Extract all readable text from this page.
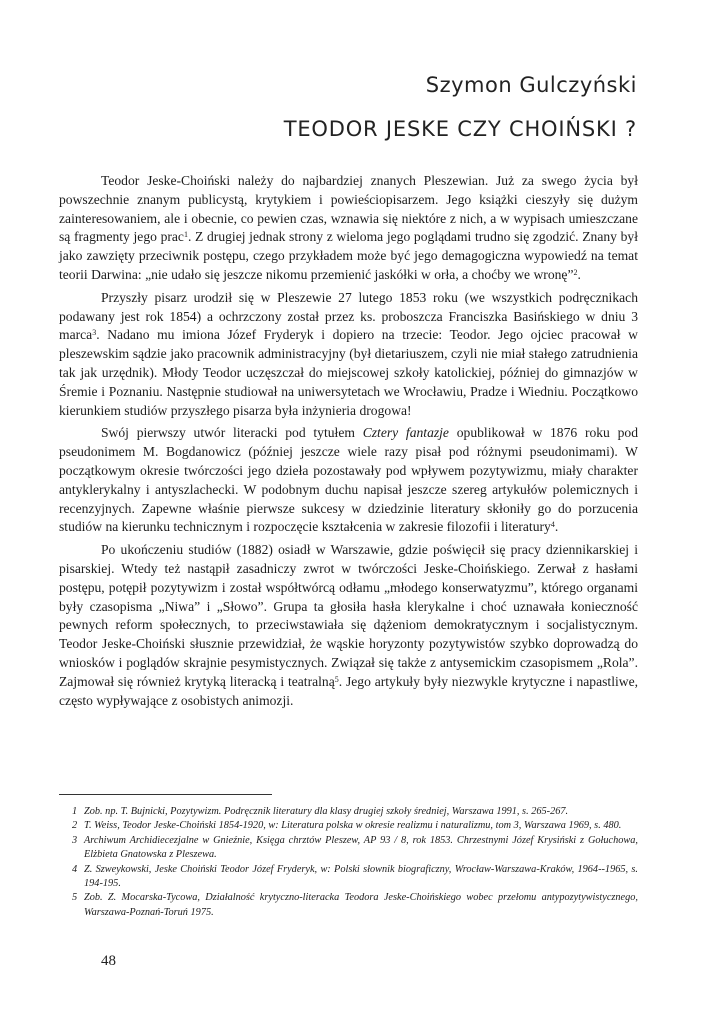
Szymon Gulczyński
TEODOR JESKE CZY CHOIŃSKI ?

Teodor Jeske-Choiński należy do najbardziej znanych Pleszewian. Już za swego życia był powszechnie znanym publicystą, krytykiem i powieściopisarzem. Jego książki cieszyły się dużym zainteresowaniem, ale i obecnie, co pewien czas, wznawia się niektóre z nich, a w wypisach umieszczane są fragmenty jego prac$^1$. Z drugiej jednak strony z wieloma jego poglądami trudno się zgodzić. Znany był jako zawzięty przeciwnik postępu, czego przykładem może być jego demagogiczna wypowiedź na temat teorii Darwina: „nie udało się jeszcze nikomu przemienić jaskółki w orła, a choćby we wronę”$^2$.

Przyszły pisarz urodził się w Pleszewie 27 lutego 1853 roku (we wszystkich podręcznikach podawany jest rok 1854) a ochrzczony został przez ks. proboszcza Franciszka Basińskiego w dniu 3 marca$^3$. Nadano mu imiona Józef Fryderyk i dopiero na trzecie: Teodor. Jego ojciec pracował w pleszewskim sądzie jako pracownik administracyjny (był dietariuszem, czyli nie miał stałego zatrudnienia tak jak urzędnik). Młody Teodor uczęszczał do miejscowej szkoły katolickiej, później do gimnazjów w Śremie i Poznaniu. Następnie studiował na uniwersytetach we Wrocławiu, Pradze i Wiedniu. Początkowo kierunkiem studiów przyszłego pisarza była inżynieria drogowa!

Swój pierwszy utwór literacki pod tytułem Cztery fantazje opublikował w 1876 roku pod pseudonimem M. Bogdanowicz (później jeszcze wiele razy pisał pod różnymi pseudonimami). W początkowym okresie twórczości jego dzieła pozostawały pod wpływem pozytywizmu, miały charakter antyklerykalny i antyszlachecki. W podobnym duchu napisał jeszcze szereg artykułów polemicznych i recenzyjnych. Zapewne właśnie pierwsze sukcesy w dziedzinie literatury skłoniły go do porzucenia studiów na kierunku technicznym i rozpoczęcie kształcenia w zakresie filozofii i literatury$^4$.

Po ukończeniu studiów (1882) osiadł w Warszawie, gdzie poświęcił się pracy dziennikarskiej i pisarskiej. Wtedy też nastąpił zasadniczy zwrot w twórczości Jeske-Choińskiego. Zerwał z hasłami postępu, potępił pozytywizm i został współtwórcą odłamu „młodego konserwatyzmu”, którego organami były czasopisma „Niwa” i „Słowo”. Grupa ta głosiła hasła klerykalne i choć uznawała konieczność pewnych reform społecznych, to przeciwstawiała się dążeniom demokratycznym i socjalistycznym. Teodor Jeske-Choiński słusznie przewidział, że wąskie horyzonty pozytywistów szybko doprowadzą do wniosków i poglądów skrajnie pesymistycznych. Związał się także z antysemickim czasopismem „Rola”. Zajmował się również krytyką literacką i teatralną$^5$. Jego artykuły były niezwykle krytyczne i napastliwe, często wypływające z osobistych animozji.

1 Zob. np. T. Bujnicki, Pozytywizm. Podręcznik literatury dla klasy drugiej szkoły średniej, Warszawa 1991, s. 265-267.
2 T. Weiss, Teodor Jeske-Choiński 1854-1920, w: Literatura polska w okresie realizmu i naturalizmu, tom 3, Warszawa 1969, s. 480.
3 Archiwum Archidiecezjalne w Gnieźnie, Księga chrztów Pleszew, AP 93 / 8, rok 1853. Chrzestnymi Józef Krysiński z Gołuchowa, Elżbieta Gnatowska z Pleszewa.
4 Z. Szweykowski, Jeske Choiński Teodor Józef Fryderyk, w: Polski słownik biograficzny, Wrocław-Warszawa-Kraków, 1964--1965, s. 194-195.
5 Zob. Z. Mocarska-Tycowa, Działalność krytyczno-literacka Teodora Jeske-Choińskiego wobec przełomu antypozytywistycznego, Warszawa-Poznań-Toruń 1975.
48
